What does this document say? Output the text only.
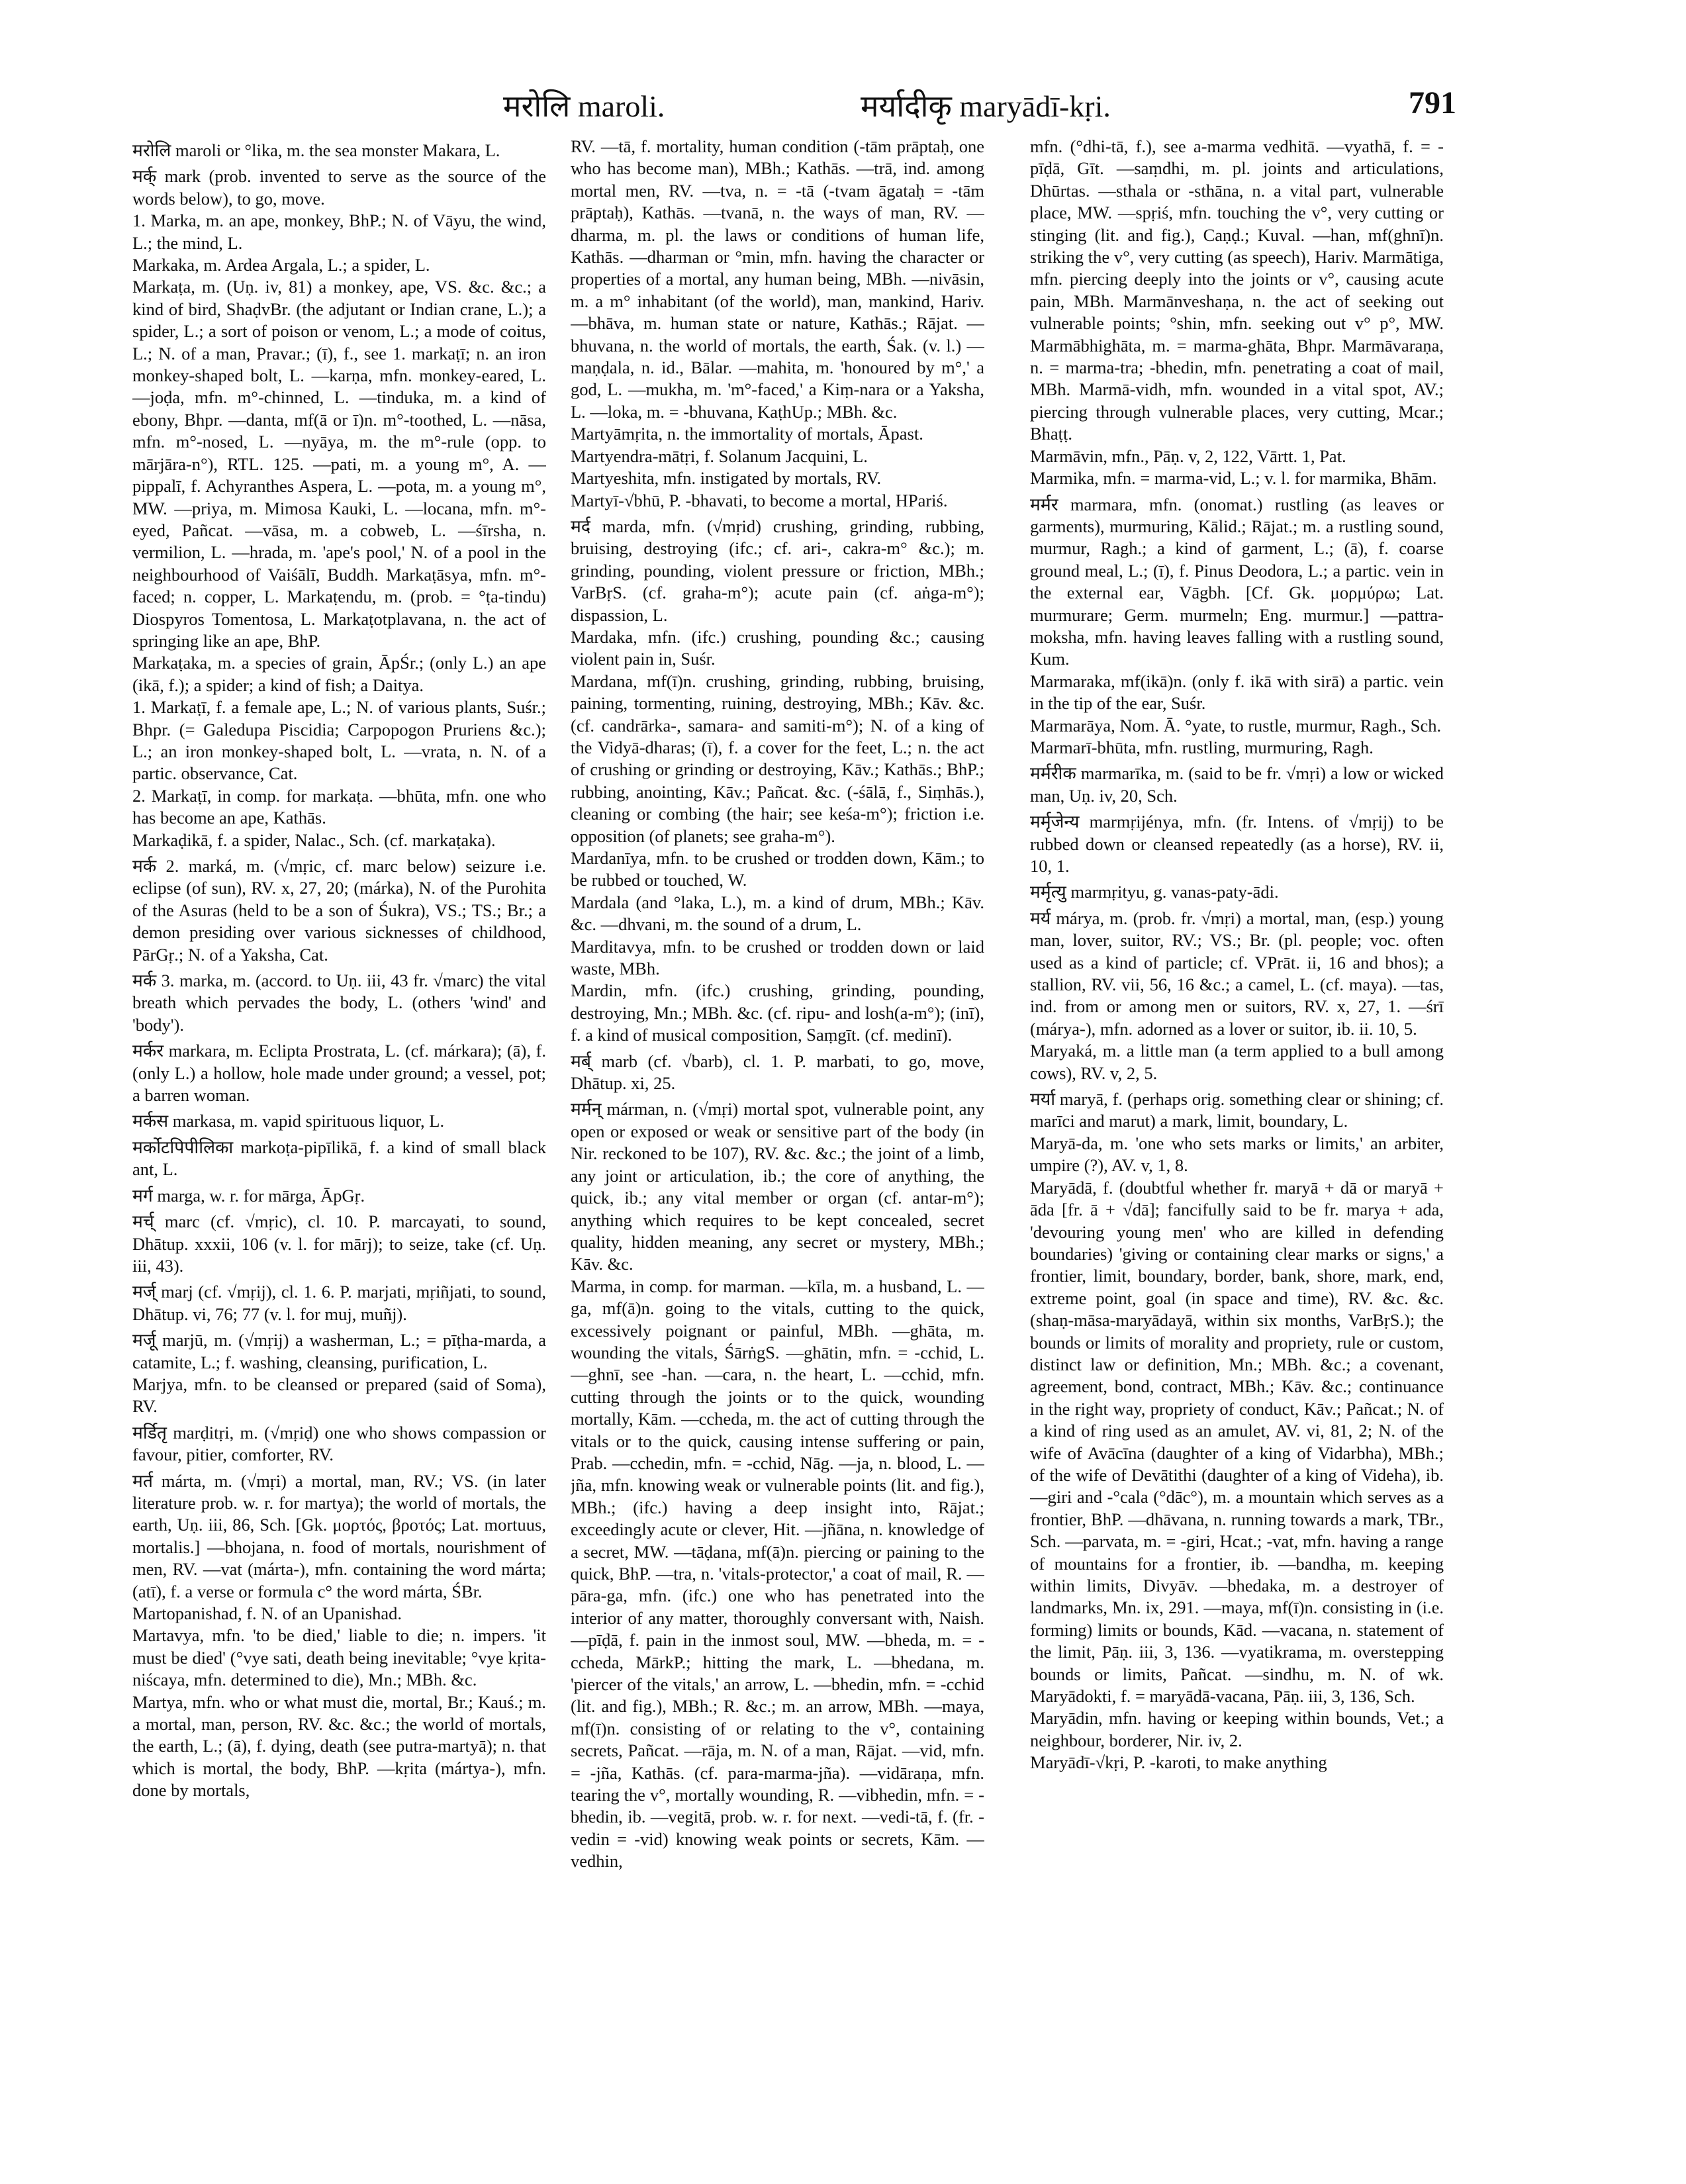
मरोलि maroli.	मर्यादीकृ maryādī-kṛi.	791
मरोलि maroli or °lika, m. the sea monster Makara, L.
मर्क् mark (prob. invented to serve as the source of the words below), to go, move.
1. Marka, m. an ape, monkey, BhP.; N. of Vāyu, the wind, L.; the mind, L.
Markaka, m. Ardea Argala, L.; a spider, L.
Markaṭa, m. (Uṇ. iv, 81) a monkey, ape, VS. &c. &c.; a kind of bird, ShaḍvBr. (the adjutant or Indian crane, L.); a spider, L.; a sort of poison or venom, L.; a mode of coitus, L.; N. of a man, Pravar.; (ī), f., see 1. markaṭī; n. an iron monkey-shaped bolt, L. —karṇa, mfn. monkey-eared, L. —joḍa, mfn. m°-chinned, L. —tinduka, m. a kind of ebony, Bhpr. —danta, mf(ā or ī)n. m°-toothed, L. —nāsa, mfn. m°-nosed, L. —nyāya, m. the m°-rule (opp. to mārjāra-n°), RTL. 125. —pati, m. a young m°, A. —pippalī, f. Achyranthes Aspera, L. —pota, m. a young m°, MW. —priya, m. Mimosa Kauki, L. —locana, mfn. m°-eyed, Pañcat. —vāsa, m. a cobweb, L. —śīrsha, n. vermilion, L. —hrada, m. 'ape's pool,' N. of a pool in the neighbourhood of Vaiśālī, Buddh. Markaṭāsya, mfn. m°-faced; n. copper, L. Markaṭendu, m. (prob. = °ṭa-tindu) Diospyros Tomentosa, L. Markaṭotplavana, n. the act of springing like an ape, BhP.
Markaṭaka, m. a species of grain, ĀpŚr.; (only L.) an ape (ikā, f.); a spider; a kind of fish; a Daitya.
1. Markaṭī, f. a female ape, L.; N. of various plants, Suśr.; Bhpr. (= Galedupa Piscidia; Carpopogon Pruriens &c.); L.; an iron monkey-shaped bolt, L. —vrata, n. N. of a partic. observance, Cat.
2. Markaṭī, in comp. for markaṭa. —bhūta, mfn. one who has become an ape, Kathās.
Markaḍikā, f. a spider, Nalac., Sch. (cf. markaṭaka).
मर्क 2. marká, m. (√mṛic, cf. marc below) seizure i.e. eclipse (of sun), RV. x, 27, 20; (márka), N. of the Purohita of the Asuras (held to be a son of Śukra), VS.; TS.; Br.; a demon presiding over various sicknesses of childhood, PārGṛ.; N. of a Yaksha, Cat.
मर्क 3. marka, m. (accord. to Uṇ. iii, 43 fr. √marc) the vital breath which pervades the body, L. (others 'wind' and 'body').
मर्कर markara, m. Eclipta Prostrata, L. (cf. márkara); (ā), f. (only L.) a hollow, hole made under ground; a vessel, pot; a barren woman.
मर्कस markasa, m. vapid spirituous liquor, L.
मर्कोटपिपीलिका markoṭa-pipīlikā, f. a kind of small black ant, L.
मर्ग marga, w. r. for mārga, ĀpGṛ.
मर्च् marc (cf. √mṛic), cl. 10. P. marcayati, to sound, Dhātup. xxxii, 106 (v. l. for mārj); to seize, take (cf. Uṇ. iii, 43).
मर्ज् marj (cf. √mṛij), cl. 1. 6. P. marjati, mṛiñjati, to sound, Dhātup. vi, 76; 77 (v. l. for muj, muñj).
मर्जू marjū, m. (√mṛij) a washerman, L.; = pīṭha-marda, a catamite, L.; f. washing, cleansing, purification, L.
Marjya, mfn. to be cleansed or prepared (said of Soma), RV.
मर्डितृ marḍitṛi, m. (√mṛiḍ) one who shows compassion or favour, pitier, comforter, RV.
मर्त márta, m. (√mṛi) a mortal, man, RV.; VS. (in later literature prob. w. r. for martya); the world of mortals, the earth, Uṇ. iii, 86, Sch. [Gk. μορτός, βροτός; Lat. mortuus, mortalis.] —bhojana, n. food of mortals, nourishment of men, RV. —vat (márta-), mfn. containing the word márta; (atī), f. a verse or formula c° the word márta, ŚBr.
Martopanishad, f. N. of an Upanishad.
Martavya, mfn. 'to be died,' liable to die; n. impers. 'it must be died' (°vye sati, death being inevitable; °vye kṛita-niścaya, mfn. determined to die), Mn.; MBh. &c.
Martya, mfn. who or what must die, mortal, Br.; Kauś.; m. a mortal, man, person, RV. &c. &c.; the world of mortals, the earth, L.; (ā), f. dying, death (see putra-martyā); n. that which is mortal, the body, BhP. —kṛita (mártya-), mfn. done by mortals,
RV. —tā, f. mortality, human condition (-tām prāptaḥ, one who has become man), MBh.; Kathās. —trā, ind. among mortal men, RV. —tva, n. = -tā (-tvam āgataḥ = -tām prāptaḥ), Kathās. —tvanā, n. the ways of man, RV. —dharma, m. pl. the laws or conditions of human life, Kathās. —dharman or °min, mfn. having the character or properties of a mortal, any human being, MBh. —nivāsin, m. a m° inhabitant (of the world), man, mankind, Hariv. —bhāva, m. human state or nature, Kathās.; Rājat. —bhuvana, n. the world of mortals, the earth, Śak. (v. l.) —maṇḍala, n. id., Bālar. —mahita, m. 'honoured by m°,' a god, L. —mukha, m. 'm°-faced,' a Kiṃ-nara or a Yaksha, L. —loka, m. = -bhuvana, KaṭhUp.; MBh. &c.
Martyāmṛita, n. the immortality of mortals, Āpast.
Martyendra-mātṛi, f. Solanum Jacquini, L.
Martyeshita, mfn. instigated by mortals, RV.
Martyī-√bhū, P. -bhavati, to become a mortal, HPariś.
मर्द marda, mfn. (√mṛid) crushing, grinding, rubbing, bruising, destroying (ifc.; cf. ari-, cakra-m° &c.); m. grinding, pounding, violent pressure or friction, MBh.; VarBṛS. (cf. graha-m°); acute pain (cf. aṅga-m°); dispassion, L.
Mardaka, mfn. (ifc.) crushing, pounding &c.; causing violent pain in, Suśr.
Mardana, mf(ī)n. crushing, grinding, rubbing, bruising, paining, tormenting, ruining, destroying, MBh.; Kāv. &c. (cf. candrārka-, samara- and samiti-m°); N. of a king of the Vidyā-dharas; (ī), f. a cover for the feet, L.; n. the act of crushing or grinding or destroying, Kāv.; Kathās.; BhP.; rubbing, anointing, Kāv.; Pañcat. &c. (-śālā, f., Siṃhās.), cleaning or combing (the hair; see keśa-m°); friction i.e. opposition (of planets; see graha-m°).
Mardanīya, mfn. to be crushed or trodden down, Kām.; to be rubbed or touched, W.
Mardala (and °laka, L.), m. a kind of drum, MBh.; Kāv. &c. —dhvani, m. the sound of a drum, L.
Marditavya, mfn. to be crushed or trodden down or laid waste, MBh.
Mardin, mfn. (ifc.) crushing, grinding, pounding, destroying, Mn.; MBh. &c. (cf. ripu- and losh(a-m°); (inī), f. a kind of musical composition, Saṃgīt. (cf. medinī).
मर्ब् marb (cf. √barb), cl. 1. P. marbati, to go, move, Dhātup. xi, 25.
मर्मन् márman, n. (√mṛi) mortal spot, vulnerable point, any open or exposed or weak or sensitive part of the body (in Nir. reckoned to be 107), RV. &c. &c.; the joint of a limb, any joint or articulation, ib.; the core of anything, the quick, ib.; any vital member or organ (cf. antar-m°); anything which requires to be kept concealed, secret quality, hidden meaning, any secret or mystery, MBh.; Kāv. &c.
Marma, in comp. for marman. —kīla, m. a husband, L. —ga, mf(ā)n. going to the vitals, cutting to the quick, excessively poignant or painful, MBh. —ghāta, m. wounding the vitals, ŚārṅgS. —ghātin, mfn. = -cchid, L. —ghnī, see -han. —cara, n. the heart, L. —cchid, mfn. cutting through the joints or to the quick, wounding mortally, Kām. —ccheda, m. the act of cutting through the vitals or to the quick, causing intense suffering or pain, Prab. —cchedin, mfn. = -cchid, Nāg. —ja, n. blood, L. —jña, mfn. knowing weak or vulnerable points (lit. and fig.), MBh.; (ifc.) having a deep insight into, Rājat.; exceedingly acute or clever, Hit. —jñāna, n. knowledge of a secret, MW. —tāḍana, mf(ā)n. piercing or paining to the quick, BhP. —tra, n. 'vitals-protector,' a coat of mail, R. —pāra-ga, mfn. (ifc.) one who has penetrated into the interior of any matter, thoroughly conversant with, Naish. —pīḍā, f. pain in the inmost soul, MW. —bheda, m. = -ccheda, MārkP.; hitting the mark, L. —bhedana, m. 'piercer of the vitals,' an arrow, L. —bhedin, mfn. = -cchid (lit. and fig.), MBh.; R. &c.; m. an arrow, MBh. —maya, mf(ī)n. consisting of or relating to the v°, containing secrets, Pañcat. —rāja, m. N. of a man, Rājat. —vid, mfn. = -jña, Kathās. (cf. para-marma-jña). —vidāraṇa, mfn. tearing the v°, mortally wounding, R. —vibhedin, mfn. = -bhedin, ib. —vegitā, prob. w. r. for next. —vedi-tā, f. (fr. -vedin = -vid) knowing weak points or secrets, Kām. —vedhin,
mfn. (°dhi-tā, f.), see a-marma vedhitā. —vyathā, f. = -pīḍā, Gīt. —saṃdhi, m. pl. joints and articulations, Dhūrtas. —sthala or -sthāna, n. a vital part, vulnerable place, MW. —spṛiś, mfn. touching the v°, very cutting or stinging (lit. and fig.), Caṇḍ.; Kuval. —han, mf(ghnī)n. striking the v°, very cutting (as speech), Hariv. Marmātiga, mfn. piercing deeply into the joints or v°, causing acute pain, MBh. Marmānveshaṇa, n. the act of seeking out vulnerable points; °shin, mfn. seeking out v° p°, MW. Marmābhighāta, m. = marma-ghāta, Bhpr. Marmāvaraṇa, n. = marma-tra; -bhedin, mfn. penetrating a coat of mail, MBh. Marmā-vidh, mfn. wounded in a vital spot, AV.; piercing through vulnerable places, very cutting, Mcar.; Bhaṭṭ.
Marmāvin, mfn., Pāṇ. v, 2, 122, Vārtt. 1, Pat.
Marmika, mfn. = marma-vid, L.; v. l. for marmika, Bhām.
मर्मर marmara, mfn. (onomat.) rustling (as leaves or garments), murmuring, Kālid.; Rājat.; m. a rustling sound, murmur, Ragh.; a kind of garment, L.; (ā), f. coarse ground meal, L.; (ī), f. Pinus Deodora, L.; a partic. vein in the external ear, Vāgbh. [Cf. Gk. μορμύρω; Lat. murmurare; Germ. murmeln; Eng. murmur.] —pattra-moksha, mfn. having leaves falling with a rustling sound, Kum.
Marmaraka, mf(ikā)n. (only f. ikā with sirā) a partic. vein in the tip of the ear, Suśr.
Marmarāya, Nom. Ā. °yate, to rustle, murmur, Ragh., Sch.
Marmarī-bhūta, mfn. rustling, murmuring, Ragh.
मर्मरीक marmarīka, m. (said to be fr. √mṛi) a low or wicked man, Uṇ. iv, 20, Sch.
मर्मृजेन्य marmṛijénya, mfn. (fr. Intens. of √mṛij) to be rubbed down or cleansed repeatedly (as a horse), RV. ii, 10, 1.
मर्मृत्यु marmṛityu, g. vanas-paty-ādi.
मर्य márya, m. (prob. fr. √mṛi) a mortal, man, (esp.) young man, lover, suitor, RV.; VS.; Br. (pl. people; voc. often used as a kind of particle; cf. VPrāt. ii, 16 and bhos); a stallion, RV. vii, 56, 16 &c.; a camel, L. (cf. maya). —tas, ind. from or among men or suitors, RV. x, 27, 1. —śrī (márya-), mfn. adorned as a lover or suitor, ib. ii. 10, 5.
Maryaká, m. a little man (a term applied to a bull among cows), RV. v, 2, 5.
मर्या maryā, f. (perhaps orig. something clear or shining; cf. marīci and marut) a mark, limit, boundary, L.
Maryā-da, m. 'one who sets marks or limits,' an arbiter, umpire (?), AV. v, 1, 8.
Maryādā, f. (doubtful whether fr. maryā + dā or maryā + āda [fr. ā + √dā]; fancifully said to be fr. marya + ada, 'devouring young men' who are killed in defending boundaries) 'giving or containing clear marks or signs,' a frontier, limit, boundary, border, bank, shore, mark, end, extreme point, goal (in space and time), RV. &c. &c. (shaṇ-māsa-maryādayā, within six months, VarBṛS.); the bounds or limits of morality and propriety, rule or custom, distinct law or definition, Mn.; MBh. &c.; a covenant, agreement, bond, contract, MBh.; Kāv. &c.; continuance in the right way, propriety of conduct, Kāv.; Pañcat.; N. of a kind of ring used as an amulet, AV. vi, 81, 2; N. of the wife of Avācīna (daughter of a king of Vidarbha), MBh.; of the wife of Devātithi (daughter of a king of Videha), ib. —giri and -°cala (°dāc°), m. a mountain which serves as a frontier, BhP. —dhāvana, n. running towards a mark, TBr., Sch. —parvata, m. = -giri, Hcat.; -vat, mfn. having a range of mountains for a frontier, ib. —bandha, m. keeping within limits, Divyāv. —bhedaka, m. a destroyer of landmarks, Mn. ix, 291. —maya, mf(ī)n. consisting in (i.e. forming) limits or bounds, Kād. —vacana, n. statement of the limit, Pāṇ. iii, 3, 136. —vyatikrama, m. overstepping bounds or limits, Pañcat. —sindhu, m. N. of wk. Maryādokti, f. = maryādā-vacana, Pāṇ. iii, 3, 136, Sch.
Maryādin, mfn. having or keeping within bounds, Vet.; a neighbour, borderer, Nir. iv, 2.
Maryādī-√kṛi, P. -karoti, to make anything
